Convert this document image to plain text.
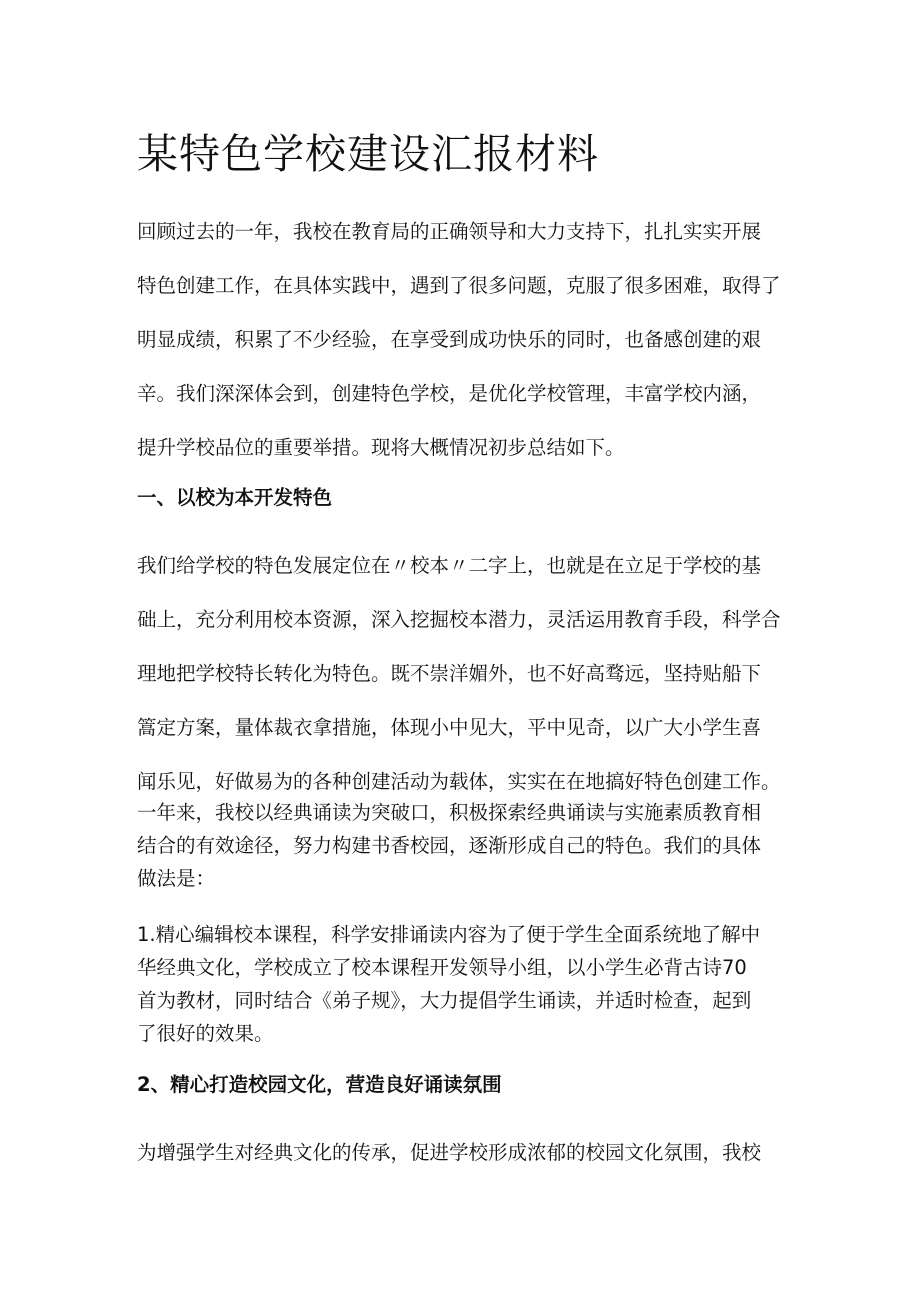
某特色学校建设汇报材料
回顾过去的一年，我校在教育局的正确领导和大力支持下，扎扎实实开展
特色创建工作，在具体实践中，遇到了很多问题，克服了很多困难，取得了
明显成绩，积累了不少经验，在享受到成功快乐的同时，也备感创建的艰
辛。我们深深体会到，创建特色学校，是优化学校管理，丰富学校内涵，
提升学校品位的重要举措。现将大概情况初步总结如下。
一、以校为本开发特色
我们给学校的特色发展定位在〃校本〃二字上，也就是在立足于学校的基
础上，充分利用校本资源，深入挖掘校本潜力，灵活运用教育手段，科学合
理地把学校特长转化为特色。既不崇洋媚外，也不好高骛远，坚持贴船下
篙定方案，量体裁衣拿措施，体现小中见大，平中见奇，以广大小学生喜
闻乐见，好做易为的各种创建活动为载体，实实在在地搞好特色创建工作。
一年来，我校以经典诵读为突破口，积极探索经典诵读与实施素质教育相
结合的有效途径，努力构建书香校园，逐渐形成自己的特色。我们的具体
做法是：
1.精心编辑校本课程，科学安排诵读内容为了便于学生全面系统地了解中
华经典文化，学校成立了校本课程开发领导小组，以小学生必背古诗70
首为教材，同时结合《弟子规》，大力提倡学生诵读，并适时检查，起到
了很好的效果。
2、精心打造校园文化，营造良好诵读氛围
为增强学生对经典文化的传承，促进学校形成浓郁的校园文化氛围，我校
